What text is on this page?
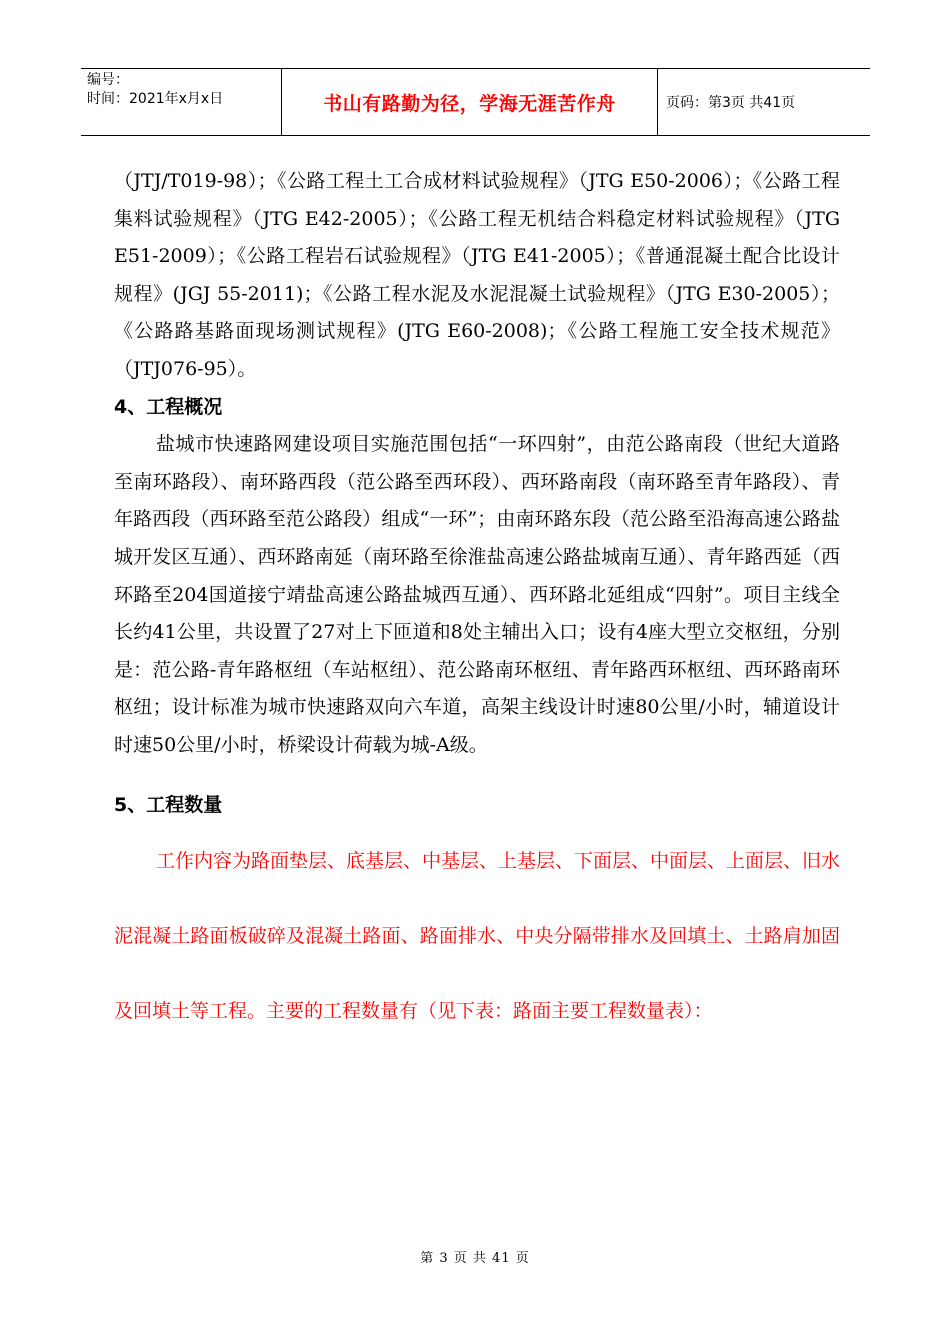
编号：
时间：2021年x月x日	书山有路勤为径，学海无涯苦作舟	页码：第3页 共41页

（JTJ/T019-98）；《公路工程土工合成材料试验规程》（JTG E50-2006）；《公路工程集料试验规程》（JTG E42-2005）；《公路工程无机结合料稳定材料试验规程》（JTG E51-2009）；《公路工程岩石试验规程》（JTG E41-2005）；《普通混凝土配合比设计规程》(JGJ 55-2011)；《公路工程水泥及水泥混凝土试验规程》（JTG E30-2005）；《公路路基路面现场测试规程》(JTG E60-2008)；《公路工程施工安全技术规范》（JTJ076-95）。

4、工程概况

盐城市快速路网建设项目实施范围包括“一环四射”，由范公路南段（世纪大道路至南环路段）、南环路西段（范公路至西环段）、西环路南段（南环路至青年路段）、青年路西段（西环路至范公路段）组成“一环”；由南环路东段（范公路至沿海高速公路盐城开发区互通）、西环路南延（南环路至徐淮盐高速公路盐城南互通）、青年路西延（西环路至204国道接宁靖盐高速公路盐城西互通）、西环路北延组成“四射”。项目主线全长约41公里，共设置了27对上下匝道和8处主辅出入口；设有4座大型立交枢纽，分别是：范公路-青年路枢纽（车站枢纽）、范公路南环枢纽、青年路西环枢纽、西环路南环枢纽；设计标准为城市快速路双向六车道，高架主线设计时速80公里/小时，辅道设计时速50公里/小时，桥梁设计荷载为城-A级。

5、工程数量

工作内容为路面垫层、底基层、中基层、上基层、下面层、中面层、上面层、旧水泥混凝土路面板破碎及混凝土路面、路面排水、中央分隔带排水及回填土、土路肩加固及回填土等工程。主要的工程数量有（见下表：路面主要工程数量表）：

第 3 页 共 41 页
